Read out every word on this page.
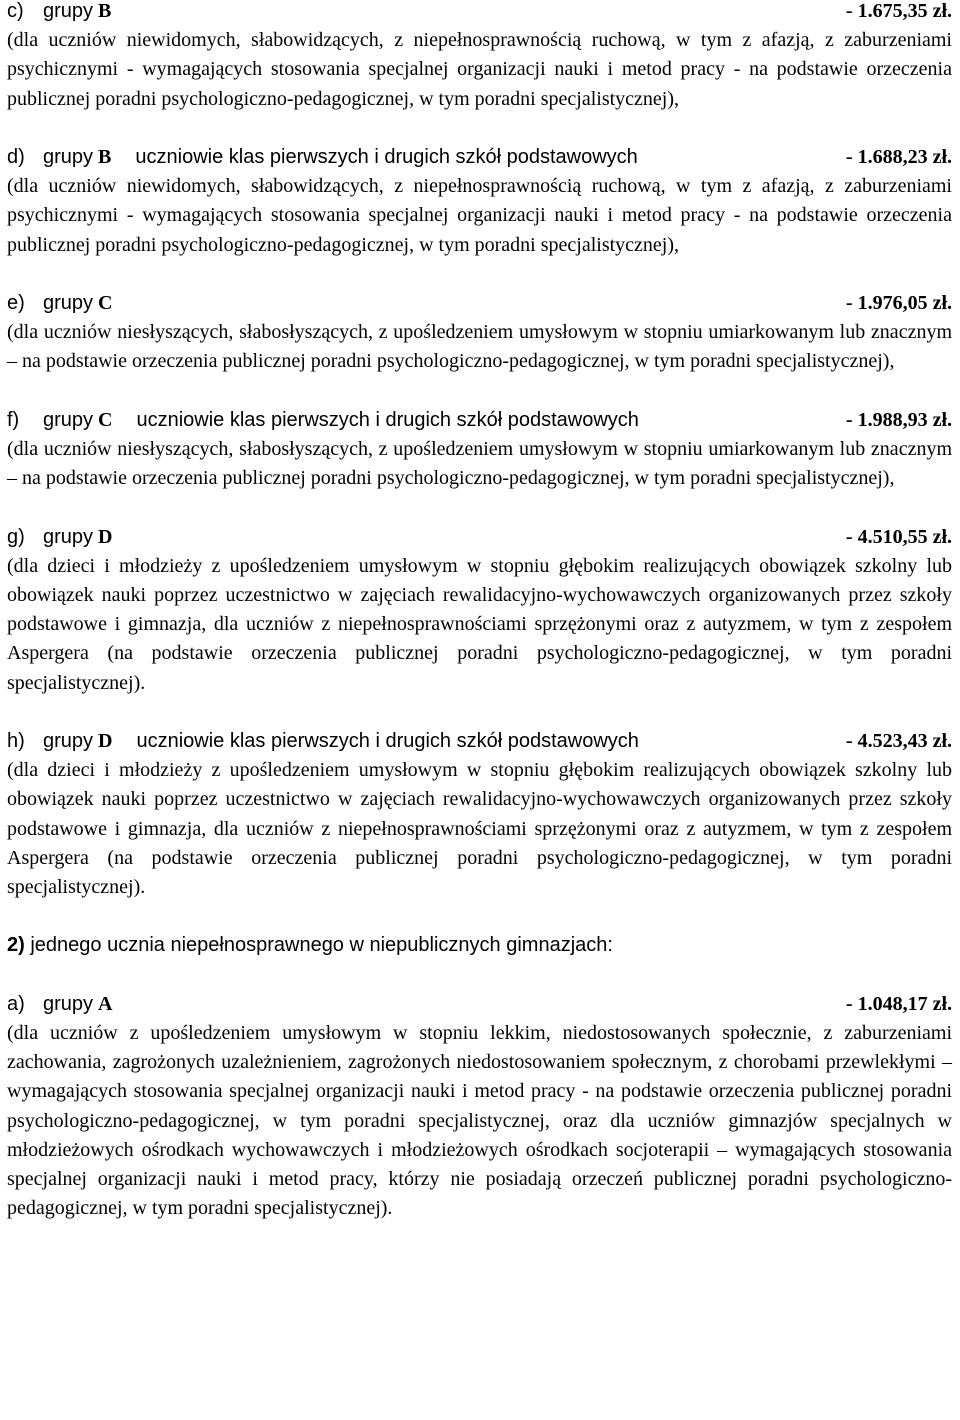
c) grupy B	- 1.675,35 zł.
(dla uczniów niewidomych, słabowidzących, z niepełnosprawnością ruchową, w tym z afazją, z zaburzeniami psychicznymi - wymagających stosowania specjalnej organizacji nauki i metod pracy - na podstawie orzeczenia publicznej poradni psychologiczno-pedagogicznej, w tym poradni specjalistycznej),
d) grupy B uczniowie klas pierwszych i drugich szkół podstawowych	- 1.688,23 zł.
(dla uczniów niewidomych, słabowidzących, z niepełnosprawnością ruchową, w tym z afazją, z zaburzeniami psychicznymi - wymagających stosowania specjalnej organizacji nauki i metod pracy - na podstawie orzeczenia publicznej poradni psychologiczno-pedagogicznej, w tym poradni specjalistycznej),
e) grupy C	- 1.976,05 zł.
(dla uczniów niesłyszących, słabosłyszących, z upośledzeniem umysłowym w stopniu umiarkowanym lub znacznym – na podstawie orzeczenia publicznej poradni psychologiczno-pedagogicznej, w tym poradni specjalistycznej),
f) grupy C uczniowie klas pierwszych i drugich szkół podstawowych	- 1.988,93 zł.
(dla uczniów niesłyszących, słabosłyszących, z upośledzeniem umysłowym w stopniu umiarkowanym lub znacznym – na podstawie orzeczenia publicznej poradni psychologiczno-pedagogicznej, w tym poradni specjalistycznej),
g) grupy D	- 4.510,55 zł.
(dla dzieci i młodzieży z upośledzeniem umysłowym w stopniu głębokim realizujących obowiązek szkolny lub obowiązek nauki poprzez uczestnictwo w zajęciach rewalidacyjno-wychowawczych organizowanych przez szkoły podstawowe i gimnazja, dla uczniów z niepełnosprawnościami sprzężonymi oraz z autyzmem, w tym z zespołem Aspergera (na podstawie orzeczenia publicznej poradni psychologiczno-pedagogicznej, w tym poradni specjalistycznej).
h) grupy D uczniowie klas pierwszych i drugich szkół podstawowych	- 4.523,43 zł.
(dla dzieci i młodzieży z upośledzeniem umysłowym w stopniu głębokim realizujących obowiązek szkolny lub obowiązek nauki poprzez uczestnictwo w zajęciach rewalidacyjno-wychowawczych organizowanych przez szkoły podstawowe i gimnazja, dla uczniów z niepełnosprawnościami sprzężonymi oraz z autyzmem, w tym z zespołem Aspergera (na podstawie orzeczenia publicznej poradni psychologiczno-pedagogicznej, w tym poradni specjalistycznej).
2) jednego ucznia niepełnosprawnego w niepublicznych gimnazjach:
a) grupy A	- 1.048,17 zł.
(dla uczniów z upośledzeniem umysłowym w stopniu lekkim, niedostosowanych społecznie, z zaburzeniami zachowania, zagrożonych uzależnieniem, zagrożonych niedostosowaniem społecznym, z chorobami przewlekłymi – wymagających stosowania specjalnej organizacji nauki i metod pracy - na podstawie orzeczenia publicznej poradni psychologiczno-pedagogicznej, w tym poradni specjalistycznej, oraz dla uczniów gimnazjów specjalnych w młodzieżowych ośrodkach wychowawczych i młodzieżowych ośrodkach socjoterapii – wymagających stosowania specjalnej organizacji nauki i metod pracy, którzy nie posiadają orzeczeń publicznej poradni psychologiczno-pedagogicznej, w tym poradni specjalistycznej).
